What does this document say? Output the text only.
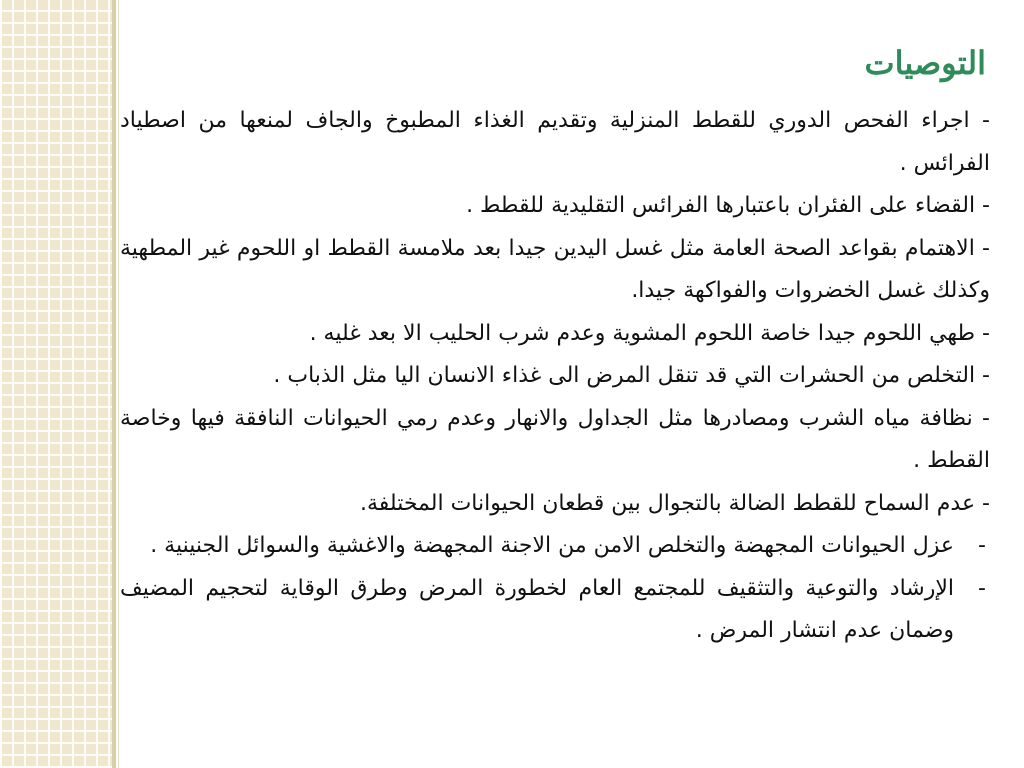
التوصيات

- اجراء الفحص الدوري للقطط المنزلية وتقديم الغذاء المطبوخ والجاف لمنعها من اصطياد الفرائس .

- القضاء على الفئران باعتبارها الفرائس التقليدية للقطط .

- الاهتمام بقواعد الصحة العامة مثل غسل اليدين جيدا بعد ملامسة القطط او اللحوم غير المطهية وكذلك غسل الخضروات والفواكهة جيدا.

- طهي اللحوم جيدا خاصة اللحوم المشوية وعدم شرب الحليب الا بعد غليه .

- التخلص من الحشرات التي قد تنقل المرض الى غذاء الانسان اليا مثل الذباب .

- نظافة مياه الشرب ومصادرها مثل الجداول والانهار وعدم رمي الحيوانات النافقة فيها وخاصة القطط .

- عدم السماح للقطط الضالة بالتجوال بين قطعان الحيوانات المختلفة.

-
عزل الحيوانات المجهضة والتخلص الامن من الاجنة المجهضة والاغشية والسوائل الجنينية .

-
الإرشاد والتوعية والتثقيف للمجتمع العام لخطورة المرض وطرق الوقاية لتحجيم المضيف وضمان عدم انتشار المرض .
